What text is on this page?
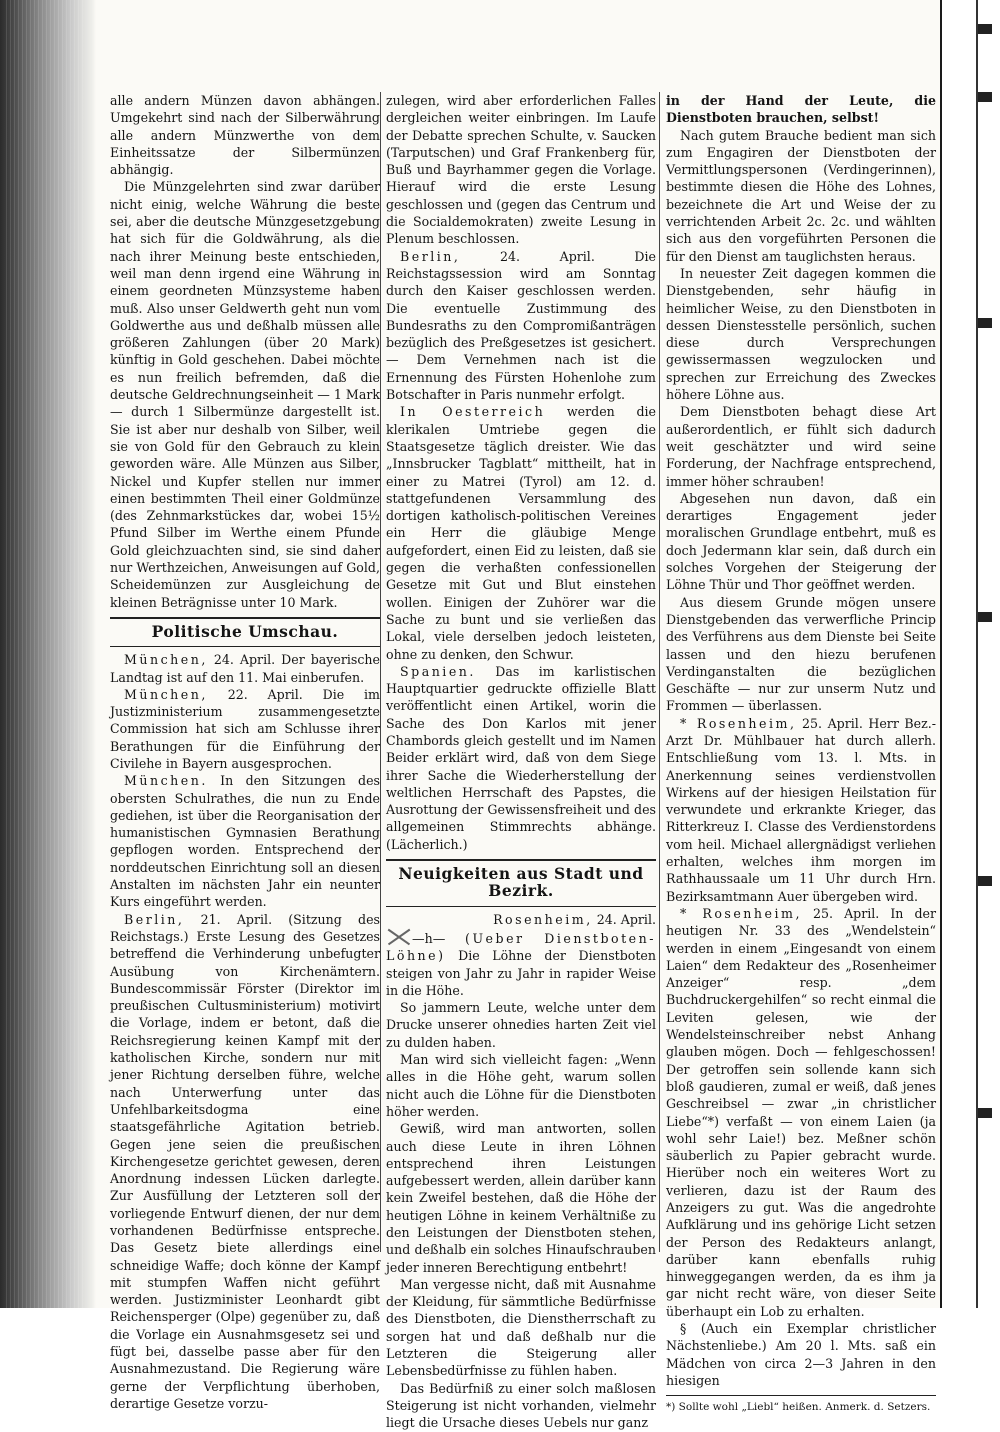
alle andern Münzen davon abhängen. Umgekehrt sind nach der Silberwährung alle andern Münzwerthe von dem Einheitssatze der Silbermünzen abhängig.

Die Münzgelehrten sind zwar darüber nicht einig, welche Währung die beste sei, aber die deutsche Münzgesetzgebung hat sich für die Goldwährung, als die nach ihrer Meinung beste entschieden, weil man denn irgend eine Währung in einem geordneten Münzsysteme haben muß. Also unser Geldwerth geht nun vom Goldwerthe aus und deßhalb müssen alle größeren Zahlungen (über 20 Mark) künftig in Gold geschehen. Dabei möchte es nun freilich befremden, daß die deutsche Geldrechnungseinheit — 1 Mark — durch 1 Silbermünze dargestellt ist. Sie ist aber nur deshalb von Silber, weil sie von Gold für den Gebrauch zu klein geworden wäre. Alle Münzen aus Silber, Nickel und Kupfer stellen nur immer einen bestimmten Theil einer Goldmünze (des Zehnmarkstückes dar, wobei 15½ Pfund Silber im Werthe einem Pfunde Gold gleichzuachten sind, sie sind daher nur Werthzeichen, Anweisungen auf Gold, Scheidemünzen zur Ausgleichung de kleinen Beträgnisse unter 10 Mark.

Politische Umschau.

München, 24. April. Der bayerische Landtag ist auf den 11. Mai einberufen.

München, 22. April. Die im Justizministerium zusammengesetzte Commission hat sich am Schlusse ihrer Berathungen für die Einführung der Civilehe in Bayern ausgesprochen.

München. In den Sitzungen des obersten Schulrathes, die nun zu Ende gediehen, ist über die Reorganisation der humanistischen Gymnasien Berathung gepflogen worden. Entsprechend der norddeutschen Einrichtung soll an diesen Anstalten im nächsten Jahr ein neunter Kurs eingeführt werden.

Berlin, 21. April. (Sitzung des Reichstags.) Erste Lesung des Gesetzes betreffend die Verhinderung unbefugter Ausübung von Kirchenämtern. Bundescommissär Förster (Direktor im preußischen Cultusministerium) motivirt die Vorlage, indem er betont, daß die Reichsregierung keinen Kampf mit der katholischen Kirche, sondern nur mit jener Richtung derselben führe, welche nach Unterwerfung unter das Unfehlbarkeitsdogma eine staatsgefährliche Agitation betrieb. Gegen jene seien die preußischen Kirchengesetze gerichtet gewesen, deren Anordnung indessen Lücken darlegte. Zur Ausfüllung der Letzteren soll der vorliegende Entwurf dienen, der nur dem vorhandenen Bedürfnisse entspreche. Das Gesetz biete allerdings eine schneidige Waffe; doch könne der Kampf mit stumpfen Waffen nicht geführt werden. Justizminister Leonhardt gibt Reichensperger (Olpe) gegenüber zu, daß die Vorlage ein Ausnahmsgesetz sei und fügt bei, dasselbe passe aber für den Ausnahmezustand. Die Regierung wäre gerne der Verpflichtung überhoben, derartige Gesetze vorzu-

zulegen, wird aber erforderlichen Falles dergleichen weiter einbringen. Im Laufe der Debatte sprechen Schulte, v. Saucken (Tarputschen) und Graf Frankenberg für, Buß und Bayrhammer gegen die Vorlage. Hierauf wird die erste Lesung geschlossen und (gegen das Centrum und die Socialdemokraten) zweite Lesung in Plenum beschlossen.

Berlin, 24. April. Die Reichstagssession wird am Sonntag durch den Kaiser geschlossen werden. Die eventuelle Zustimmung des Bundesraths zu den Compromißanträgen bezüglich des Preßgesetzes ist gesichert. — Dem Vernehmen nach ist die Ernennung des Fürsten Hohenlohe zum Botschafter in Paris nunmehr erfolgt.

In Oesterreich werden die klerikalen Umtriebe gegen die Staatsgesetze täglich dreister. Wie das „Innsbrucker Tagblatt“ mittheilt, hat in einer zu Matrei (Tyrol) am 12. d. stattgefundenen Versammlung des dortigen katholisch-politischen Vereines ein Herr die gläubige Menge aufgefordert, einen Eid zu leisten, daß sie gegen die verhaßten confessionellen Gesetze mit Gut und Blut einstehen wollen. Einigen der Zuhörer war die Sache zu bunt und sie verließen das Lokal, viele derselben jedoch leisteten, ohne zu denken, den Schwur.

Spanien. Das im karlistischen Hauptquartier gedruckte offizielle Blatt veröffentlicht einen Artikel, worin die Sache des Don Karlos mit jener Chambords gleich gestellt und im Namen Beider erklärt wird, daß von dem Siege ihrer Sache die Wiederherstellung der weltlichen Herrschaft des Papstes, die Ausrottung der Gewissensfreiheit und des allgemeinen Stimmrechts abhänge. (Lächerlich.)

Neuigkeiten aus Stadt und Bezirk.

Rosenheim, 24. April.

—h— (Ueber Dienstboten-Löhne) Die Löhne der Dienstboten steigen von Jahr zu Jahr in rapider Weise in die Höhe.

So jammern Leute, welche unter dem Drucke unserer ohnedies harten Zeit viel zu dulden haben.

Man wird sich vielleicht fagen: „Wenn alles in die Höhe geht, warum sollen nicht auch die Löhne für die Dienstboten höher werden.

Gewiß, wird man antworten, sollen auch diese Leute in ihren Löhnen entsprechend ihren Leistungen aufgebessert werden, allein darüber kann kein Zweifel bestehen, daß die Höhe der heutigen Löhne in keinem Verhältniße zu den Leistungen der Dienstboten stehen, und deßhalb ein solches Hinaufschrauben jeder inneren Berechtigung entbehrt!

Man vergesse nicht, daß mit Ausnahme der Kleidung, für sämmtliche Bedürfnisse des Dienstboten, die Dienstherrschaft zu sorgen hat und daß deßhalb nur die Letzteren die Steigerung aller Lebensbedürfnisse zu fühlen haben.

Das Bedürfniß zu einer solch maßlosen Steigerung ist nicht vorhanden, vielmehr liegt die Ursache dieses Uebels nur ganz

in der Hand der Leute, die Dienstboten brauchen, selbst!

Nach gutem Brauche bedient man sich zum Engagiren der Dienstboten der Vermittlungspersonen (Verdingerinnen), bestimmte diesen die Höhe des Lohnes, bezeichnete die Art und Weise der zu verrichtenden Arbeit 2c. 2c. und wählten sich aus den vorgeführten Personen die für den Dienst am tauglichsten heraus.

In neuester Zeit dagegen kommen die Dienstgebenden, sehr häufig in heimlicher Weise, zu den Dienstboten in dessen Dienstesstelle persönlich, suchen diese durch Versprechungen gewissermassen wegzulocken und sprechen zur Erreichung des Zweckes höhere Löhne aus.

Dem Dienstboten behagt diese Art außerordentlich, er fühlt sich dadurch weit geschätzter und wird seine Forderung, der Nachfrage entsprechend, immer höher schrauben!

Abgesehen nun davon, daß ein derartiges Engagement jeder moralischen Grundlage entbehrt, muß es doch Jedermann klar sein, daß durch ein solches Vorgehen der Steigerung der Löhne Thür und Thor geöffnet werden.

Aus diesem Grunde mögen unsere Dienstgebenden das verwerfliche Princip des Verführens aus dem Dienste bei Seite lassen und den hiezu berufenen Verdinganstalten die bezüglichen Geschäfte — nur zur unserm Nutz und Frommen — überlassen.

* Rosenheim, 25. April. Herr Bez.-Arzt Dr. Mühlbauer hat durch allerh. Entschließung vom 13. l. Mts. in Anerkennung seines verdienstvollen Wirkens auf der hiesigen Heilstation für verwundete und erkrankte Krieger, das Ritterkreuz I. Classe des Verdienstordens vom heil. Michael allergnädigst verliehen erhalten, welches ihm morgen im Rathhaussaale um 11 Uhr durch Hrn. Bezirksamtmann Auer übergeben wird.

* Rosenheim, 25. April. In der heutigen Nr. 33 des „Wendelstein“ werden in einem „Eingesandt von einem Laien“ dem Redakteur des „Rosenheimer Anzeiger“ resp. „dem Buchdruckergehilfen“ so recht einmal die Leviten gelesen, wie der Wendelsteinschreiber nebst Anhang glauben mögen. Doch — fehlgeschossen! Der getroffen sein sollende kann sich bloß gaudieren, zumal er weiß, daß jenes Geschreibsel — zwar „in christlicher Liebe“*) verfaßt — von einem Laien (ja wohl sehr Laie!) bez. Meßner schön säuberlich zu Papier gebracht wurde. Hierüber noch ein weiteres Wort zu verlieren, dazu ist der Raum des Anzeigers zu gut. Was die angedrohte Aufklärung und ins gehörige Licht setzen der Person des Redakteurs anlangt, darüber kann ebenfalls ruhig hinweggegangen werden, da es ihm ja gar nicht recht wäre, von dieser Seite überhaupt ein Lob zu erhalten.

§ (Auch ein Exemplar christlicher Nächstenliebe.) Am 20 l. Mts. saß ein Mädchen von circa 2—3 Jahren in den hiesigen

*) Sollte wohl „Liebl“ heißen. Anmerk. d. Setzers.
